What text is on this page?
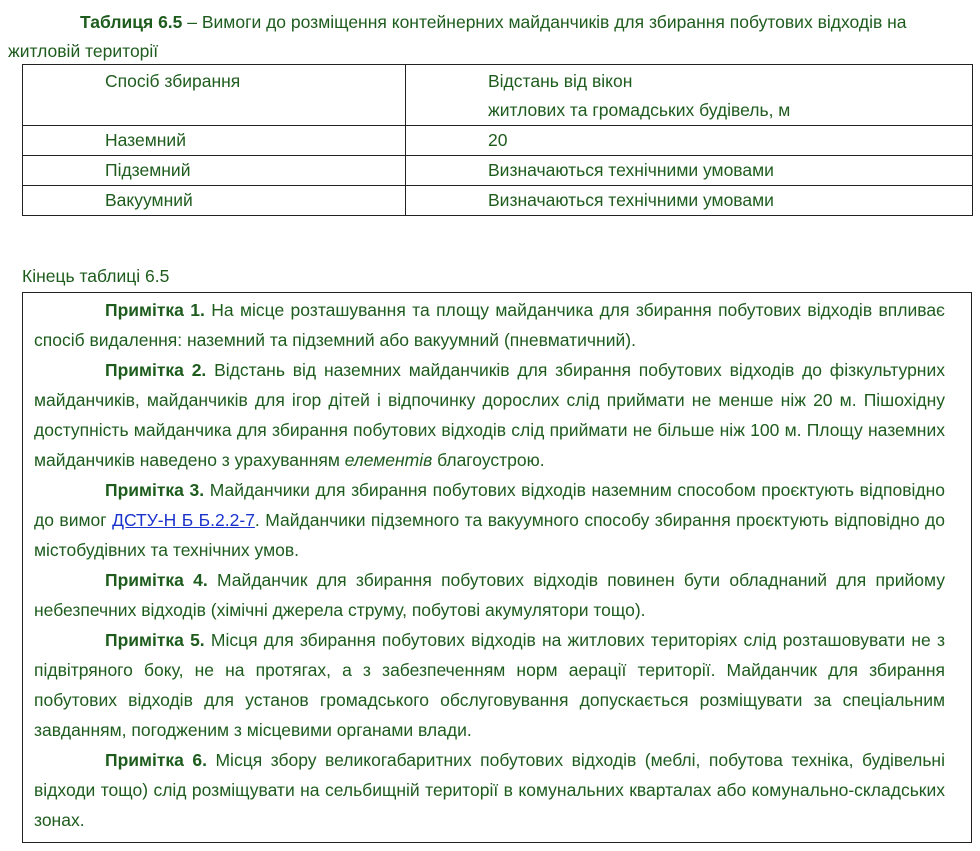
Таблиця 6.5 – Вимоги до розміщення контейнерних майданчиків для збирання побутових відходів на житловій території

Спосіб збирання	Відстань від вікон
житлових та громадських будівель, м

Наземний	20
Підземний	Визначаються технічними умовами
Вакуумний	Визначаються технічними умовами

Кінець таблиці 6.5

Примітка 1. На місце розташування та площу майданчика для збирання побутових відходів впливає спосіб видалення: наземний та підземний або вакуумний (пневматичний).

Примітка 2. Відстань від наземних майданчиків для збирання побутових відходів до фізкультурних майданчиків, майданчиків для ігор дітей і відпочинку дорослих слід приймати не менше ніж 20 м. Пішохідну доступність майданчика для збирання побутових відходів слід приймати не більше ніж 100 м. Площу наземних майданчиків наведено з урахуванням елементів благоустрою.

Примітка 3. Майданчики для збирання побутових відходів наземним способом проєктують відповідно до вимог ДСТУ-Н Б Б.2.2-7. Майданчики підземного та вакуумного способу збирання проєктують відповідно до містобудівних та технічних умов.

Примітка 4. Майданчик для збирання побутових відходів повинен бути обладнаний для прийому небезпечних відходів (хімічні джерела струму, побутові акумулятори тощо).

Примітка 5. Місця для збирання побутових відходів на житлових територіях слід розташовувати не з підвітряного боку, не на протягах, а з забезпеченням норм аерації території. Майданчик для збирання побутових відходів для установ громадського обслуговування допускається розміщувати за спеціальним завданням, погодженим з місцевими органами влади.

Примітка 6. Місця збору великогабаритних побутових відходів (меблі, побутова техніка, будівельні відходи тощо) слід розміщувати на сельбищній території в комунальних кварталах або комунально-складських зонах.
